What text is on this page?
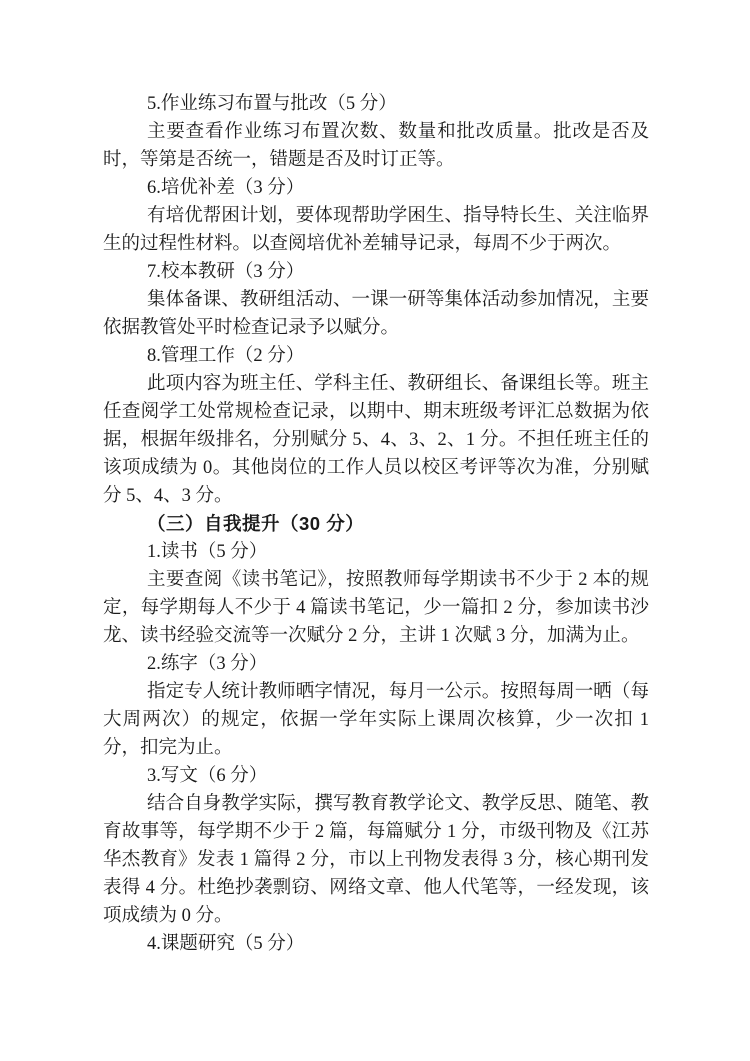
5.作业练习布置与批改（5 分）

主要查看作业练习布置次数、数量和批改质量。批改是否及时，等第是否统一，错题是否及时订正等。

6.培优补差（3 分）

有培优帮困计划，要体现帮助学困生、指导特长生、关注临界生的过程性材料。以查阅培优补差辅导记录，每周不少于两次。

7.校本教研（3 分）

集体备课、教研组活动、一课一研等集体活动参加情况，主要依据教管处平时检查记录予以赋分。

8.管理工作（2 分）

此项内容为班主任、学科主任、教研组长、备课组长等。班主任查阅学工处常规检查记录，以期中、期末班级考评汇总数据为依据，根据年级排名，分别赋分 5、4、3、2、1 分。不担任班主任的该项成绩为 0。其他岗位的工作人员以校区考评等次为准，分别赋分 5、4、3 分。

（三）自我提升（30 分）

1.读书（5 分）

主要查阅《读书笔记》，按照教师每学期读书不少于 2 本的规定，每学期每人不少于 4 篇读书笔记，少一篇扣 2 分，参加读书沙龙、读书经验交流等一次赋分 2 分，主讲 1 次赋 3 分，加满为止。

2.练字（3 分）

指定专人统计教师晒字情况，每月一公示。按照每周一晒（每大周两次）的规定，依据一学年实际上课周次核算，少一次扣 1 分，扣完为止。

3.写文（6 分）

结合自身教学实际，撰写教育教学论文、教学反思、随笔、教育故事等，每学期不少于 2 篇，每篇赋分 1 分，市级刊物及《江苏华杰教育》发表 1 篇得 2 分，市以上刊物发表得 3 分，核心期刊发表得 4 分。杜绝抄袭剽窃、网络文章、他人代笔等，一经发现，该项成绩为 0 分。

4.课题研究（5 分）
